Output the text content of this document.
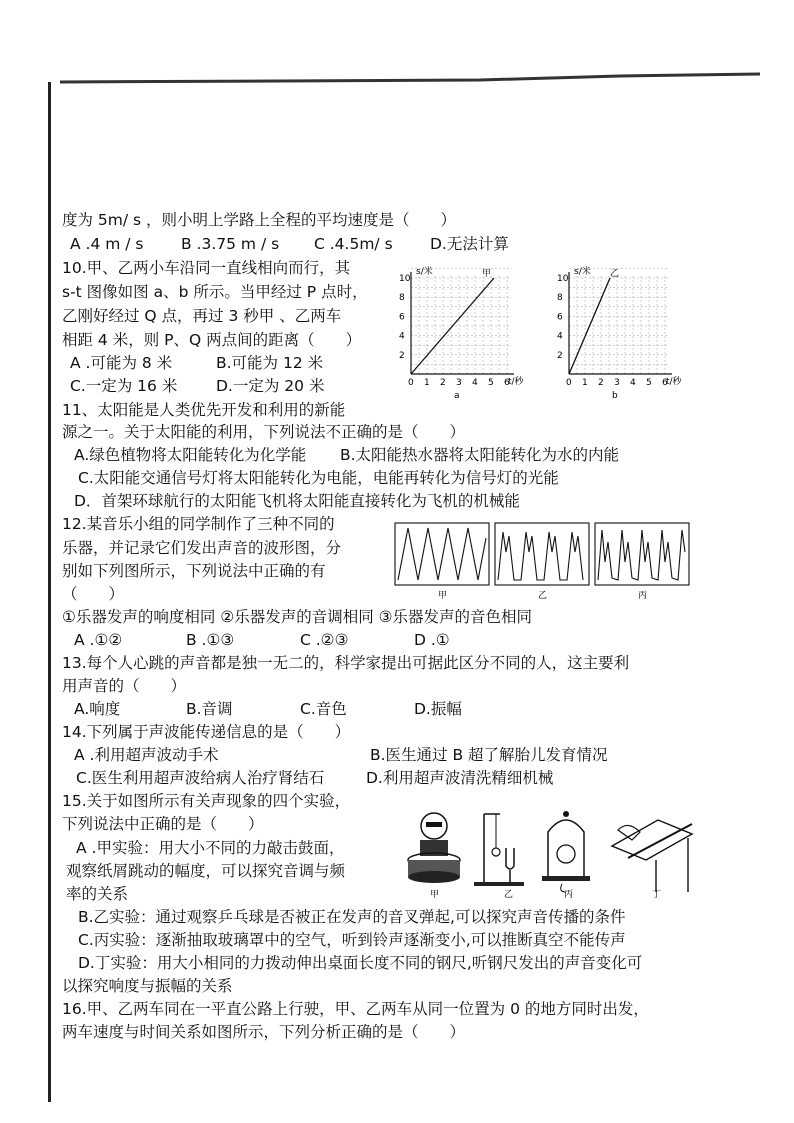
度为 5m/ s ，则小明上学路上全程的平均速度是（　　）
A .4 m / s B .3.75 m / s C .4.5m/ s D.无法计算
10.甲、乙两小车沿同一直线相向而行，其
s-t 图像如图 a、b 所示。当甲经过 P 点时，
乙刚好经过 Q 点，再过 3 秒甲 、乙两车
相距 4 米，则 P、Q 两点间的距离（　　）
A .可能为 8 米	B.可能为 12 米
C.一定为 16 米 D.一定为 20 米
s/米	甲
t/秒
2
4
6
8
10
0 1 2 3 4 5 6
a
s/米 乙
t/秒
2
4
6
8
10
0 1 2 3 4 5 6
b
11、太阳能是人类优先开发和利用的新能
源之一。关于太阳能的利用，下列说法不正确的是（　　）
A.绿色植物将太阳能转化为化学能 B.太阳能热水器将太阳能转化为水的内能
C.太阳能交通信号灯将太阳能转化为电能，电能再转化为信号灯的光能
D．首架环球航行的太阳能飞机将太阳能直接转化为飞机的机械能
12.某音乐小组的同学制作了三种不同的
乐器，并记录它们发出声音的波形图，分
别如下列图所示，下列说法中正确的有
（　　）	甲	乙	丙
①乐器发声的响度相同 ②乐器发声的音调相同 ③乐器发声的音色相同
A .①②	B .①③	C .②③	D .①
13.每个人心跳的声音都是独一无二的，科学家提出可据此区分不同的人，这主要利
用声音的（　　）
A.响度	B.音调	C.音色	D.振幅
14.下列属于声波能传递信息的是（　　）
A .利用超声波动手术	B.医生通过 B 超了解胎儿发育情况
C.医生利用超声波给病人治疗肾结石	D.利用超声波清洗精细机械
15.关于如图所示有关声现象的四个实验，
下列说法中正确的是（　　）
A .甲实验：用大小不同的力敲击鼓面，
观察纸屑跳动的幅度，可以探究音调与频
率的关系
B.乙实验：通过观察乒乓球是否被正在发声的音叉弹起,可以探究声音传播的条件
C.丙实验：逐渐抽取玻璃罩中的空气，听到铃声逐渐变小,可以推断真空不能传声
D.丁实验：用大小相同的力拨动伸出桌面长度不同的钢尺,听钢尺发出的声音变化可
以探究响度与振幅的关系
甲	乙	丙	丁
16.甲、乙两车同在一平直公路上行驶，甲、乙两车从同一位置为 0 的地方同时出发，
两车速度与时间关系如图所示，下列分析正确的是（　　）
